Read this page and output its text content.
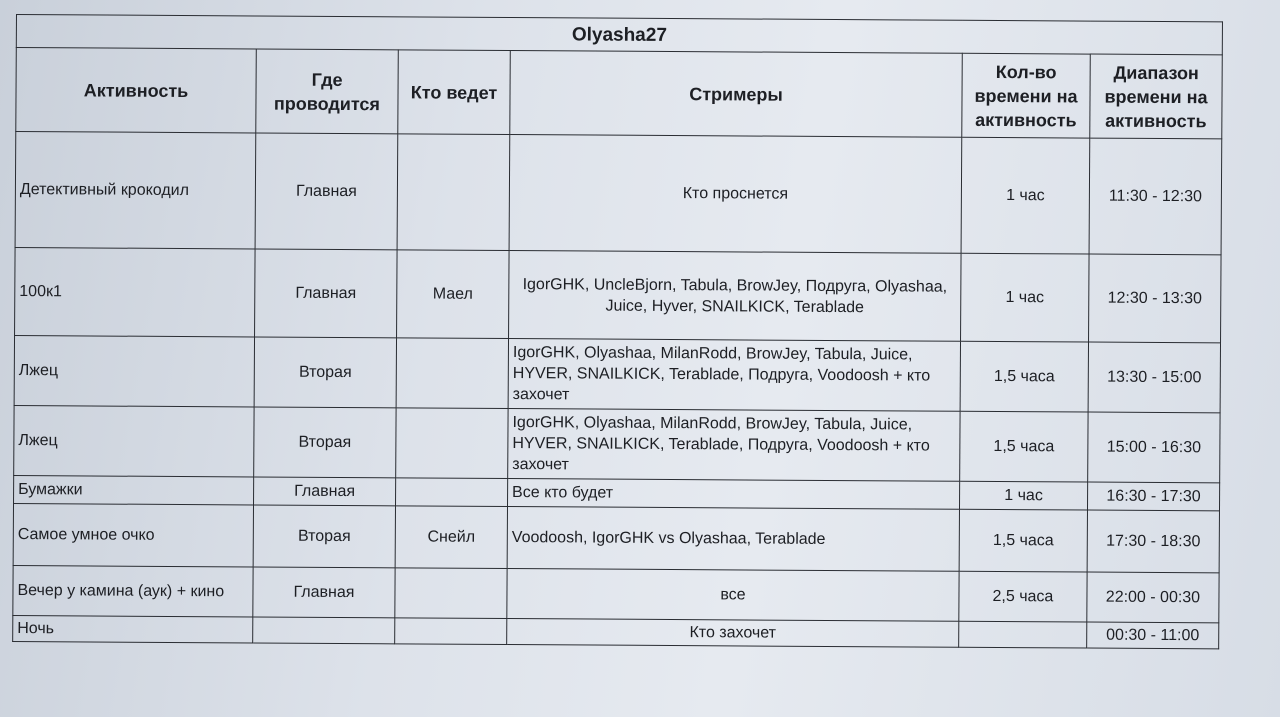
Olyasha27					
Активность	Где проводится	Кто ведет	Стримеры	Кол-во времени на активность	Диапазон времени на активность
Детективный крокодил	Главная		Кто проснется	1 час	11:30 - 12:30
100к1	Главная	Маел	IgorGHK, UncleBjorn, Tabula, BrowJey, Подруга, Olyashaa, Juice, Hyver, SNAILKICK, Terablade	1 час	12:30 - 13:30
Лжец	Вторая		IgorGHK, Olyashaa, MilanRodd, BrowJey, Tabula, Juice, HYVER, SNAILKICK, Terablade, Подруга, Voodoosh + кто захочет	1,5 часа	13:30 - 15:00
Лжец	Вторая		IgorGHK, Olyashaa, MilanRodd, BrowJey, Tabula, Juice, HYVER, SNAILKICK, Terablade, Подруга, Voodoosh + кто захочет	1,5 часа	15:00 - 16:30
Бумажки	Главная		Все кто будет	1 час	16:30 - 17:30
Самое умное очко	Вторая	Снейл	Voodoosh, IgorGHK vs Olyashaa, Terablade	1,5 часа	17:30 - 18:30
Вечер у камина (аук) + кино	Главная		все	2,5 часа	22:00 - 00:30
Ночь			Кто захочет		00:30 - 11:00
